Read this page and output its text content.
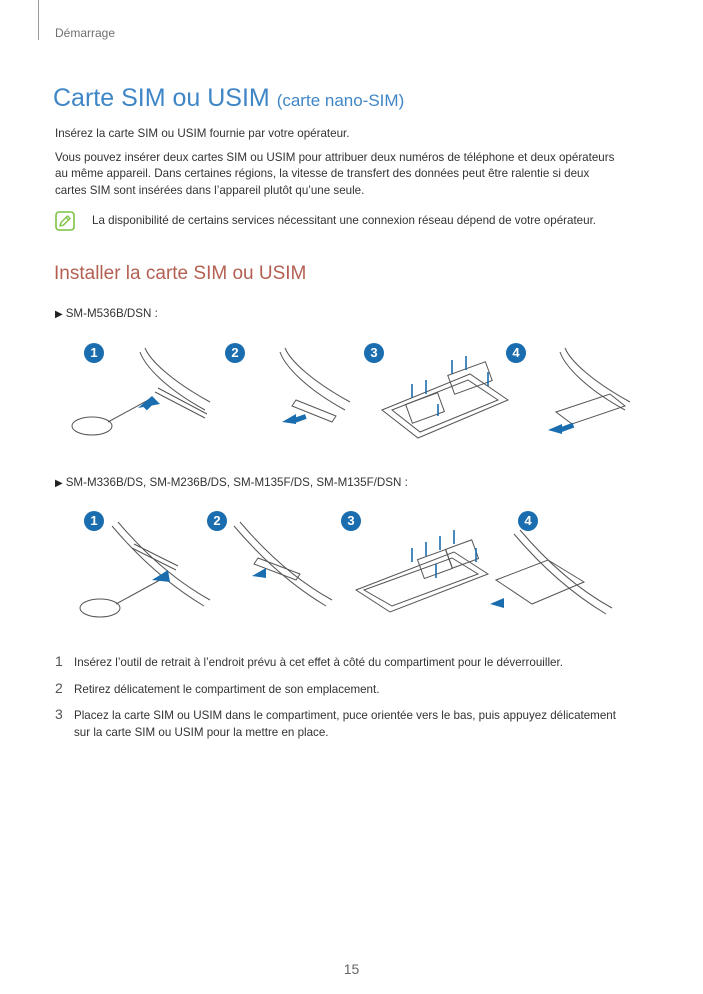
Démarrage
Carte SIM ou USIM (carte nano-SIM)
Insérez la carte SIM ou USIM fournie par votre opérateur.
Vous pouvez insérer deux cartes SIM ou USIM pour attribuer deux numéros de téléphone et deux opérateurs
au même appareil. Dans certaines régions, la vitesse de transfert des données peut être ralentie si deux
cartes SIM sont insérées dans l’appareil plutôt qu’une seule.
La disponibilité de certains services nécessitant une connexion réseau dépend de votre opérateur.
Installer la carte SIM ou USIM
▶ SM-M536B/DSN :
1	2	3	4
▶ SM-M336B/DS, SM-M236B/DS, SM-M135F/DS, SM-M135F/DSN :
1	2	3	4
1 Insérez l’outil de retrait à l’endroit prévu à cet effet à côté du compartiment pour le déverrouiller.
2 Retirez délicatement le compartiment de son emplacement.
3 Placez la carte SIM ou USIM dans le compartiment, puce orientée vers le bas, puis appuyez délicatement
sur la carte SIM ou USIM pour la mettre en place.
15
